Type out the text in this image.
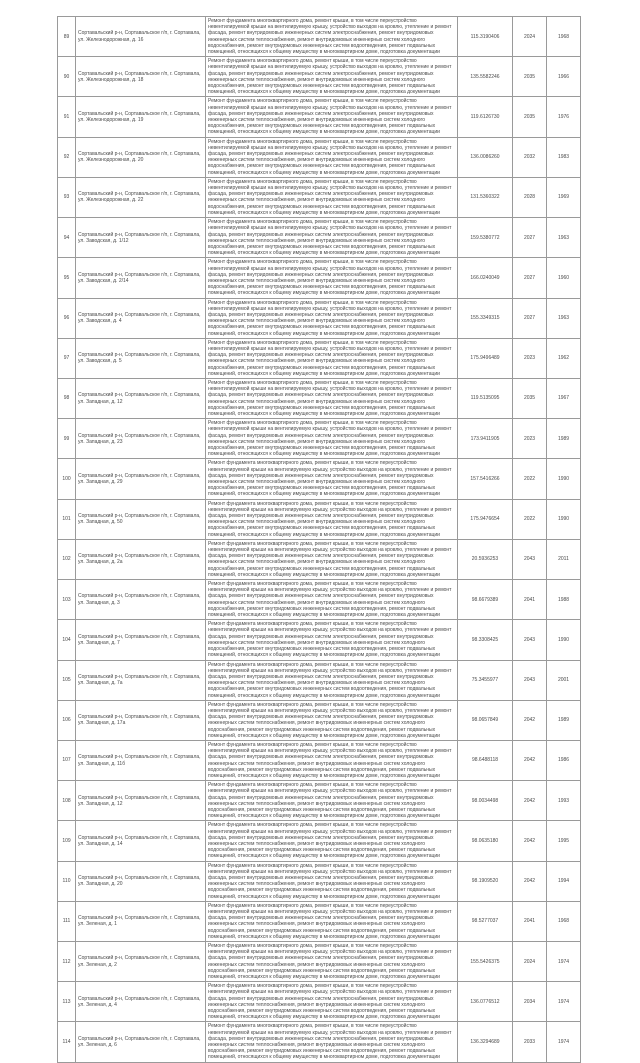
89	Сортавальский р-н, Сортавальское г/п, г. Сортавала, ул. Железнодорожная, д. 16	Ремонт фундамента многоквартирного дома, ремонт крыши, в том числе переустройство невентилируемой крыши на вентилируемую крышу, устройство выходов на кровлю, утепление и ремонт фасада, ремонт внутридомовых инженерных систем электроснабжения, ремонт внутридомовых инженерных систем теплоснабжения, ремонт внутридомовых инженерных систем холодного водоснабжения, ремонт внутридомовых инженерных систем водоотведения, ремонт подвальных помещений, относящихся к общему имуществу в многоквартирном доме, подготовка документации	115.3190406	2024	1968
90	Сортавальский р-н, Сортавальское г/п, г. Сортавала, ул. Железнодорожная, д. 18	Ремонт фундамента многоквартирного дома, ремонт крыши, в том числе переустройство невентилируемой крыши на вентилируемую крышу, устройство выходов на кровлю, утепление и ремонт фасада, ремонт внутридомовых инженерных систем электроснабжения, ремонт внутридомовых инженерных систем теплоснабжения, ремонт внутридомовых инженерных систем холодного водоснабжения, ремонт внутридомовых инженерных систем водоотведения, ремонт подвальных помещений, относящихся к общему имуществу в многоквартирном доме, подготовка документации	135.5582246	2035	1966
91	Сортавальский р-н, Сортавальское г/п, г. Сортавала, ул. Железнодорожная, д. 19	Ремонт фундамента многоквартирного дома, ремонт крыши, в том числе переустройство невентилируемой крыши на вентилируемую крышу, устройство выходов на кровлю, утепление и ремонт фасада, ремонт внутридомовых инженерных систем электроснабжения, ремонт внутридомовых инженерных систем теплоснабжения, ремонт внутридомовых инженерных систем холодного водоснабжения, ремонт внутридомовых инженерных систем водоотведения, ремонт подвальных помещений, относящихся к общему имуществу в многоквартирном доме, подготовка документации	119.6126730	2035	1976
92	Сортавальский р-н, Сортавальское г/п, г. Сортавала, ул. Железнодорожная, д. 20	Ремонт фундамента многоквартирного дома, ремонт крыши, в том числе переустройство невентилируемой крыши на вентилируемую крышу, устройство выходов на кровлю, утепление и ремонт фасада, ремонт внутридомовых инженерных систем электроснабжения, ремонт внутридомовых инженерных систем теплоснабжения, ремонт внутридомовых инженерных систем холодного водоснабжения, ремонт внутридомовых инженерных систем водоотведения, ремонт подвальных помещений, относящихся к общему имуществу в многоквартирном доме, подготовка документации	136.0086260	2032	1983
93	Сортавальский р-н, Сортавальское г/п, г. Сортавала, ул. Железнодорожная, д. 22	Ремонт фундамента многоквартирного дома, ремонт крыши, в том числе переустройство невентилируемой крыши на вентилируемую крышу, устройство выходов на кровлю, утепление и ремонт фасада, ремонт внутридомовых инженерных систем электроснабжения, ремонт внутридомовых инженерных систем теплоснабжения, ремонт внутридомовых инженерных систем холодного водоснабжения, ремонт внутридомовых инженерных систем водоотведения, ремонт подвальных помещений, относящихся к общему имуществу в многоквартирном доме, подготовка документации	131.5360322	2028	1969
94	Сортавальский р-н, Сортавальское г/п, г. Сортавала, ул. Заводская, д. 1/12	Ремонт фундамента многоквартирного дома, ремонт крыши, в том числе переустройство невентилируемой крыши на вентилируемую крышу, устройство выходов на кровлю, утепление и ремонт фасада, ремонт внутридомовых инженерных систем электроснабжения, ремонт внутридомовых инженерных систем теплоснабжения, ремонт внутридомовых инженерных систем холодного водоснабжения, ремонт внутридомовых инженерных систем водоотведения, ремонт подвальных помещений, относящихся к общему имуществу в многоквартирном доме, подготовка документации	159.5380772	2027	1963
95	Сортавальский р-н, Сортавальское г/п, г. Сортавала, ул. Заводская, д. 2/14	Ремонт фундамента многоквартирного дома, ремонт крыши, в том числе переустройство невентилируемой крыши на вентилируемую крышу, устройство выходов на кровлю, утепление и ремонт фасада, ремонт внутридомовых инженерных систем электроснабжения, ремонт внутридомовых инженерных систем теплоснабжения, ремонт внутридомовых инженерных систем холодного водоснабжения, ремонт внутридомовых инженерных систем водоотведения, ремонт подвальных помещений, относящихся к общему имуществу в многоквартирном доме, подготовка документации	166.0240049	2027	1960
96	Сортавальский р-н, Сортавальское г/п, г. Сортавала, ул. Заводская, д. 4	Ремонт фундамента многоквартирного дома, ремонт крыши, в том числе переустройство невентилируемой крыши на вентилируемую крышу, устройство выходов на кровлю, утепление и ремонт фасада, ремонт внутридомовых инженерных систем электроснабжения, ремонт внутридомовых инженерных систем теплоснабжения, ремонт внутридомовых инженерных систем холодного водоснабжения, ремонт внутридомовых инженерных систем водоотведения, ремонт подвальных помещений, относящихся к общему имуществу в многоквартирном доме, подготовка документации	155.3349315	2027	1963
97	Сортавальский р-н, Сортавальское г/п, г. Сортавала, ул. Заводская, д. 5	Ремонт фундамента многоквартирного дома, ремонт крыши, в том числе переустройство невентилируемой крыши на вентилируемую крышу, устройство выходов на кровлю, утепление и ремонт фасада, ремонт внутридомовых инженерных систем электроснабжения, ремонт внутридомовых инженерных систем теплоснабжения, ремонт внутридомовых инженерных систем холодного водоснабжения, ремонт внутридомовых инженерных систем водоотведения, ремонт подвальных помещений, относящихся к общему имуществу в многоквартирном доме, подготовка документации	175.9496489	2023	1962
98	Сортавальский р-н, Сортавальское г/п, г. Сортавала, ул. Западная, д. 12	Ремонт фундамента многоквартирного дома, ремонт крыши, в том числе переустройство невентилируемой крыши на вентилируемую крышу, устройство выходов на кровлю, утепление и ремонт фасада, ремонт внутридомовых инженерных систем электроснабжения, ремонт внутридомовых инженерных систем теплоснабжения, ремонт внутридомовых инженерных систем холодного водоснабжения, ремонт внутридомовых инженерных систем водоотведения, ремонт подвальных помещений, относящихся к общему имуществу в многоквартирном доме, подготовка документации	119.5135095	2035	1967
99	Сортавальский р-н, Сортавальское г/п, г. Сортавала, ул. Западная, д. 23	Ремонт фундамента многоквартирного дома, ремонт крыши, в том числе переустройство невентилируемой крыши на вентилируемую крышу, устройство выходов на кровлю, утепление и ремонт фасада, ремонт внутридомовых инженерных систем электроснабжения, ремонт внутридомовых инженерных систем теплоснабжения, ремонт внутридомовых инженерных систем холодного водоснабжения, ремонт внутридомовых инженерных систем водоотведения, ремонт подвальных помещений, относящихся к общему имуществу в многоквартирном доме, подготовка документации	173.9411905	2023	1989
100	Сортавальский р-н, Сортавальское г/п, г. Сортавала, ул. Западная, д. 29	Ремонт фундамента многоквартирного дома, ремонт крыши, в том числе переустройство невентилируемой крыши на вентилируемую крышу, устройство выходов на кровлю, утепление и ремонт фасада, ремонт внутридомовых инженерных систем электроснабжения, ремонт внутридомовых инженерных систем теплоснабжения, ремонт внутридомовых инженерных систем холодного водоснабжения, ремонт внутридомовых инженерных систем водоотведения, ремонт подвальных помещений, относящихся к общему имуществу в многоквартирном доме, подготовка документации	157.5416266	2022	1990
101	Сортавальский р-н, Сортавальское г/п, г. Сортавала, ул. Западная, д. 50	Ремонт фундамента многоквартирного дома, ремонт крыши, в том числе переустройство невентилируемой крыши на вентилируемую крышу, устройство выходов на кровлю, утепление и ремонт фасада, ремонт внутридомовых инженерных систем электроснабжения, ремонт внутридомовых инженерных систем теплоснабжения, ремонт внутридомовых инженерных систем холодного водоснабжения, ремонт внутридомовых инженерных систем водоотведения, ремонт подвальных помещений, относящихся к общему имуществу в многоквартирном доме, подготовка документации	175.9476654	2022	1990
102	Сортавальский р-н, Сортавальское г/п, г. Сортавала, ул. Западная, д. 2а	Ремонт фундамента многоквартирного дома, ремонт крыши, в том числе переустройство невентилируемой крыши на вентилируемую крышу, устройство выходов на кровлю, утепление и ремонт фасада, ремонт внутридомовых инженерных систем электроснабжения, ремонт внутридомовых инженерных систем теплоснабжения, ремонт внутридомовых инженерных систем холодного водоснабжения, ремонт внутридомовых инженерных систем водоотведения, ремонт подвальных помещений, относящихся к общему имуществу в многоквартирном доме, подготовка документации	20.5936253	2043	2011
103	Сортавальский р-н, Сортавальское г/п, г. Сортавала, ул. Западная, д. 3	Ремонт фундамента многоквартирного дома, ремонт крыши, в том числе переустройство невентилируемой крыши на вентилируемую крышу, устройство выходов на кровлю, утепление и ремонт фасада, ремонт внутридомовых инженерных систем электроснабжения, ремонт внутридомовых инженерных систем теплоснабжения, ремонт внутридомовых инженерных систем холодного водоснабжения, ремонт внутридомовых инженерных систем водоотведения, ремонт подвальных помещений, относящихся к общему имуществу в многоквартирном доме, подготовка документации	98.6679389	2041	1988
104	Сортавальский р-н, Сортавальское г/п, г. Сортавала, ул. Западная, д. 7	Ремонт фундамента многоквартирного дома, ремонт крыши, в том числе переустройство невентилируемой крыши на вентилируемую крышу, устройство выходов на кровлю, утепление и ремонт фасада, ремонт внутридомовых инженерных систем электроснабжения, ремонт внутридомовых инженерных систем теплоснабжения, ремонт внутридомовых инженерных систем холодного водоснабжения, ремонт внутридомовых инженерных систем водоотведения, ремонт подвальных помещений, относящихся к общему имуществу в многоквартирном доме, подготовка документации	98.3308425	2043	1990
105	Сортавальский р-н, Сортавальское г/п, г. Сортавала, ул. Западная, д. 7а	Ремонт фундамента многоквартирного дома, ремонт крыши, в том числе переустройство невентилируемой крыши на вентилируемую крышу, устройство выходов на кровлю, утепление и ремонт фасада, ремонт внутридомовых инженерных систем электроснабжения, ремонт внутридомовых инженерных систем теплоснабжения, ремонт внутридомовых инженерных систем холодного водоснабжения, ремонт внутридомовых инженерных систем водоотведения, ремонт подвальных помещений, относящихся к общему имуществу в многоквартирном доме, подготовка документации	75.3455977	2043	2001
106	Сортавальский р-н, Сортавальское г/п, г. Сортавала, ул. Западная, д. 17а	Ремонт фундамента многоквартирного дома, ремонт крыши, в том числе переустройство невентилируемой крыши на вентилируемую крышу, устройство выходов на кровлю, утепление и ремонт фасада, ремонт внутридомовых инженерных систем электроснабжения, ремонт внутридомовых инженерных систем теплоснабжения, ремонт внутридомовых инженерных систем холодного водоснабжения, ремонт внутридомовых инженерных систем водоотведения, ремонт подвальных помещений, относящихся к общему имуществу в многоквартирном доме, подготовка документации	98.0657849	2042	1989
107	Сортавальский р-н, Сортавальское г/п, г. Сортавала, ул. Западная, д. 11б	Ремонт фундамента многоквартирного дома, ремонт крыши, в том числе переустройство невентилируемой крыши на вентилируемую крышу, устройство выходов на кровлю, утепление и ремонт фасада, ремонт внутридомовых инженерных систем электроснабжения, ремонт внутридомовых инженерных систем теплоснабжения, ремонт внутридомовых инженерных систем холодного водоснабжения, ремонт внутридомовых инженерных систем водоотведения, ремонт подвальных помещений, относящихся к общему имуществу в многоквартирном доме, подготовка документации	98.6488118	2042	1986
108	Сортавальский р-н, Сортавальское г/п, г. Сортавала, ул. Западная, д. 12	Ремонт фундамента многоквартирного дома, ремонт крыши, в том числе переустройство невентилируемой крыши на вентилируемую крышу, устройство выходов на кровлю, утепление и ремонт фасада, ремонт внутридомовых инженерных систем электроснабжения, ремонт внутридомовых инженерных систем теплоснабжения, ремонт внутридомовых инженерных систем холодного водоснабжения, ремонт внутридомовых инженерных систем водоотведения, ремонт подвальных помещений, относящихся к общему имуществу в многоквартирном доме, подготовка документации	98.0034498	2042	1993
109	Сортавальский р-н, Сортавальское г/п, г. Сортавала, ул. Западная, д. 14	Ремонт фундамента многоквартирного дома, ремонт крыши, в том числе переустройство невентилируемой крыши на вентилируемую крышу, устройство выходов на кровлю, утепление и ремонт фасада, ремонт внутридомовых инженерных систем электроснабжения, ремонт внутридомовых инженерных систем теплоснабжения, ремонт внутридомовых инженерных систем холодного водоснабжения, ремонт внутридомовых инженерных систем водоотведения, ремонт подвальных помещений, относящихся к общему имуществу в многоквартирном доме, подготовка документации	98.0635180	2042	1995
110	Сортавальский р-н, Сортавальское г/п, г. Сортавала, ул. Западная, д. 20	Ремонт фундамента многоквартирного дома, ремонт крыши, в том числе переустройство невентилируемой крыши на вентилируемую крышу, устройство выходов на кровлю, утепление и ремонт фасада, ремонт внутридомовых инженерных систем электроснабжения, ремонт внутридомовых инженерных систем теплоснабжения, ремонт внутридомовых инженерных систем холодного водоснабжения, ремонт внутридомовых инженерных систем водоотведения, ремонт подвальных помещений, относящихся к общему имуществу в многоквартирном доме, подготовка документации	98.1909520	2042	1994
111	Сортавальский р-н, Сортавальское г/п, г. Сортавала, ул. Зеленая, д. 1	Ремонт фундамента многоквартирного дома, ремонт крыши, в том числе переустройство невентилируемой крыши на вентилируемую крышу, устройство выходов на кровлю, утепление и ремонт фасада, ремонт внутридомовых инженерных систем электроснабжения, ремонт внутридомовых инженерных систем теплоснабжения, ремонт внутридомовых инженерных систем холодного водоснабжения, ремонт внутридомовых инженерных систем водоотведения, ремонт подвальных помещений, относящихся к общему имуществу в многоквартирном доме, подготовка документации	98.5277037	2041	1968
112	Сортавальский р-н, Сортавальское г/п, г. Сортавала, ул. Зеленая, д. 2	Ремонт фундамента многоквартирного дома, ремонт крыши, в том числе переустройство невентилируемой крыши на вентилируемую крышу, устройство выходов на кровлю, утепление и ремонт фасада, ремонт внутридомовых инженерных систем электроснабжения, ремонт внутридомовых инженерных систем теплоснабжения, ремонт внутридомовых инженерных систем холодного водоснабжения, ремонт внутридомовых инженерных систем водоотведения, ремонт подвальных помещений, относящихся к общему имуществу в многоквартирном доме, подготовка документации	155.5426375	2024	1974
113	Сортавальский р-н, Сортавальское г/п, г. Сортавала, ул. Зеленая, д. 4	Ремонт фундамента многоквартирного дома, ремонт крыши, в том числе переустройство невентилируемой крыши на вентилируемую крышу, устройство выходов на кровлю, утепление и ремонт фасада, ремонт внутридомовых инженерных систем электроснабжения, ремонт внутридомовых инженерных систем теплоснабжения, ремонт внутридомовых инженерных систем холодного водоснабжения, ремонт внутридомовых инженерных систем водоотведения, ремонт подвальных помещений, относящихся к общему имуществу в многоквартирном доме, подготовка документации	136.0776512	2034	1974
114	Сортавальский р-н, Сортавальское г/п, г. Сортавала, ул. Зеленая, д. 6	Ремонт фундамента многоквартирного дома, ремонт крыши, в том числе переустройство невентилируемой крыши на вентилируемую крышу, устройство выходов на кровлю, утепление и ремонт фасада, ремонт внутридомовых инженерных систем электроснабжения, ремонт внутридомовых инженерных систем теплоснабжения, ремонт внутридомовых инженерных систем холодного водоснабжения, ремонт внутридомовых инженерных систем водоотведения, ремонт подвальных помещений, относящихся к общему имуществу в многоквартирном доме, подготовка документации	136.3294689	2033	1974
